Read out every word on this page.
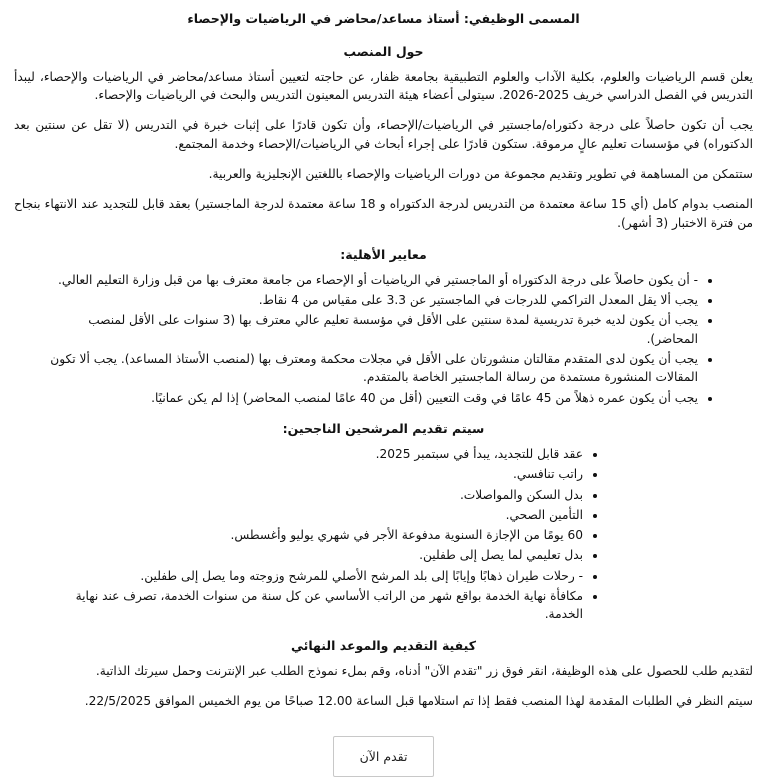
المسمى الوظيفي: أستاذ مساعد/محاضر في الرياضيات والإحصاء
حول المنصب

يعلن قسم الرياضيات والعلوم، بكلية الآداب والعلوم التطبيقية بجامعة ظفار، عن حاجته لتعيين أستاذ مساعد/محاضر في الرياضيات والإحصاء، ليبدأ التدريس في الفصل الدراسي خريف 2025-2026. سيتولى أعضاء هيئة التدريس المعينون التدريس والبحث في الرياضيات والإحصاء.

يجب أن تكون حاصلاً على درجة دكتوراه/ماجستير في الرياضيات/الإحصاء، وأن تكون قادرًا على إثبات خبرة في التدريس (لا تقل عن سنتين بعد الدكتوراه) في مؤسسات تعليم عالٍ مرموقة. ستكون قادرًا على إجراء أبحاث في الرياضيات/الإحصاء وخدمة المجتمع.

ستتمكن من المساهمة في تطوير وتقديم مجموعة من دورات الرياضيات والإحصاء باللغتين الإنجليزية والعربية.

المنصب بدوام كامل (أي 15 ساعة معتمدة من التدريس لدرجة الدكتوراه و 18 ساعة معتمدة لدرجة الماجستير) بعقد قابل للتجديد عند الانتهاء بنجاح من فترة الاختبار (3 أشهر).

معايير الأهلية:
• - أن يكون حاصلاً على درجة الدكتوراه أو الماجستير في الرياضيات أو الإحصاء من جامعة معترف بها من قبل وزارة التعليم العالي.
• يجب ألا يقل المعدل التراكمي للدرجات في الماجستير عن 3.3 على مقياس من 4 نقاط.
• يجب أن يكون لديه خبرة تدريسية لمدة سنتين على الأقل في مؤسسة تعليم عالي معترف بها (3 سنوات على الأقل لمنصب المحاضر).
• يجب أن يكون لدى المتقدم مقالتان منشورتان على الأقل في مجلات محكمة ومعترف بها (لمنصب الأستاذ المساعد). يجب ألا تكون المقالات المنشورة مستمدة من رسالة الماجستير الخاصة بالمتقدم.
• يجب أن يكون عمره ذهلاً من 45 عامًا في وقت التعيين (أقل من 40 عامًا لمنصب المحاضر) إذا لم يكن عمانيًا.
سيتم تقديم المرشحين الناجحين:
• عقد قابل للتجديد، يبدأ في سبتمبر 2025.
• راتب تنافسي.
• بدل السكن والمواصلات.
• التأمين الصحي.
• 60 يومًا من الإجازة السنوية مدفوعة الأجر في شهري يوليو وأغسطس.
• بدل تعليمي لما يصل إلى طفلين.
• - رحلات طيران ذهابًا وإيابًا إلى بلد المرشح الأصلي للمرشح وزوجته وما يصل إلى طفلين.
• مكافأة نهاية الخدمة بواقع شهر من الراتب الأساسي عن كل سنة من سنوات الخدمة، تصرف عند نهاية الخدمة.
كيفية التقديم والموعد النهائي

لتقديم طلب للحصول على هذه الوظيفة، انقر فوق زر "تقدم الآن" أدناه، وقم بملء نموذج الطلب عبر الإنترنت وحمل سيرتك الذاتية.

سيتم النظر في الطلبات المقدمة لهذا المنصب فقط إذا تم استلامها قبل الساعة 12.00 صباحًا من يوم الخميس الموافق 22/5/2025.

تقدم الآن
